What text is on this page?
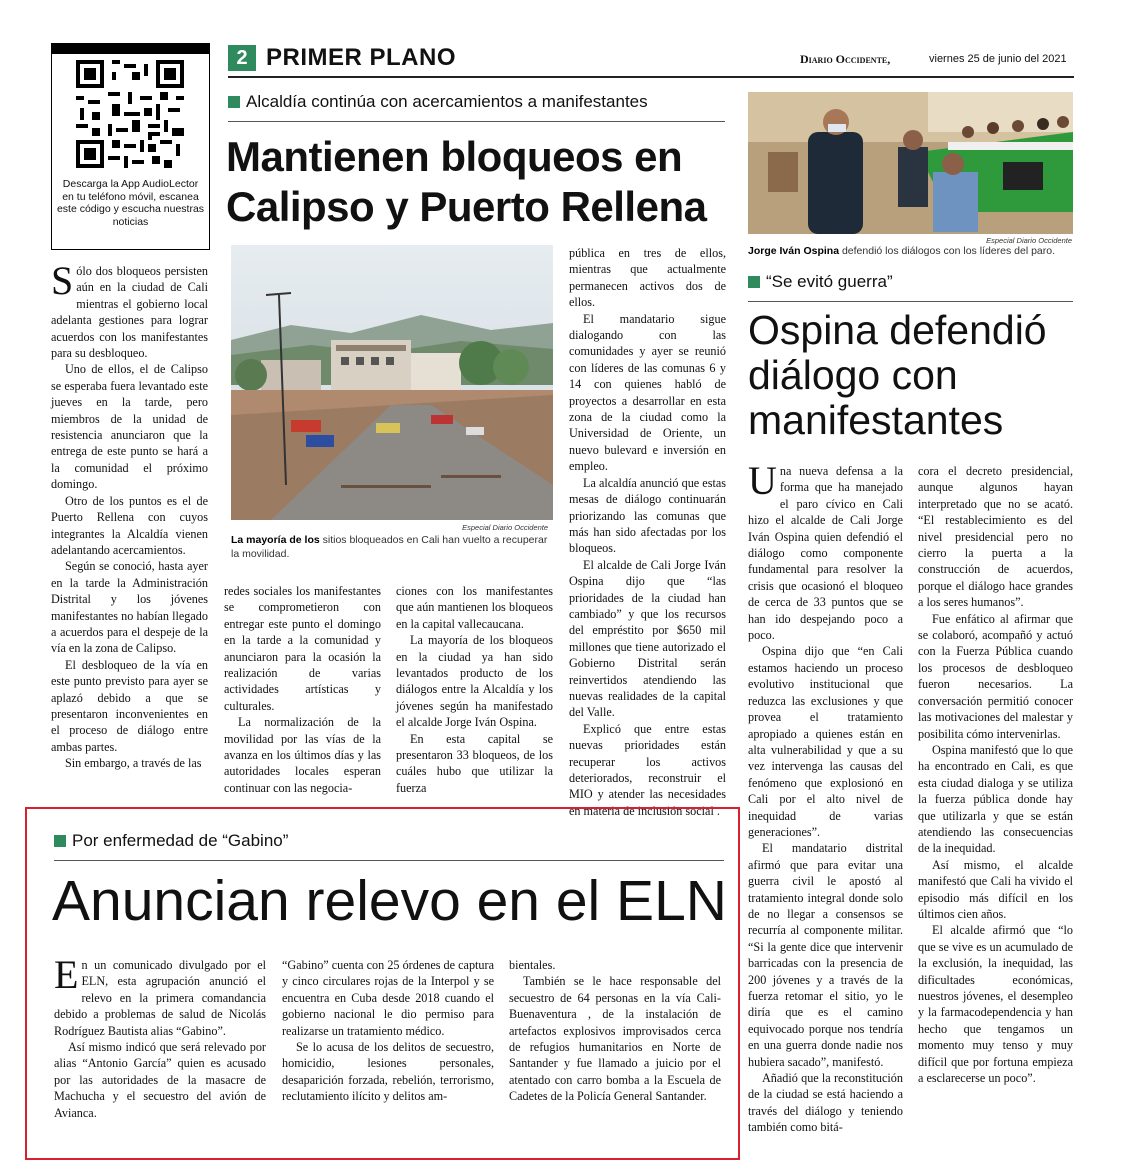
2 PRIMER PLANO	Diario Occidente,	viernes 25 de junio del 2021
Descarga la App AudioLector en tu teléfono móvil, escanea este código y escucha nuestras noticias
Alcaldía continúa con acercamientos a manifestantes
Mantienen bloqueos en Calipso y Puerto Rellena
Especial Diario Occidente
La mayoría de los sitios bloqueados en Cali han vuelto a recuperar la movilidad.

Sólo dos bloqueos persisten aún en la ciudad de Cali mientras el gobierno local adelanta gestiones para lograr acuerdos con los manifestantes para su desbloqueo.

Uno de ellos, el de Calipso se esperaba fuera levantado este jueves en la tarde, pero miembros de la unidad de resistencia anunciaron que la entrega de este punto se hará a la comunidad el próximo domingo.

Otro de los puntos es el de Puerto Rellena con cuyos integrantes la Alcaldía vienen adelantando acercamientos.

Según se conoció, hasta ayer en la tarde la Administración Distrital y los jóvenes manifestantes no habían llegado a acuerdos para el despeje de la vía en la zona de Calipso.

El desbloqueo de la vía en este punto previsto para ayer se aplazó debido a que se presentaron inconvenientes en el proceso de diálogo entre ambas partes.

Sin embargo, a través de las

redes sociales los manifestantes se comprometieron con entregar este punto el domingo en la tarde a la comunidad y anunciaron para la ocasión la realización de varias actividades artísticas y culturales.

La normalización de la movilidad por las vías de la avanza en los últimos días y las autoridades locales esperan continuar con las negocia-

ciones con los manifestantes que aún mantienen los bloqueos en la capital vallecaucana.

La mayoría de los bloqueos en la ciudad ya han sido levantados producto de los diálogos entre la Alcaldía y los jóvenes según ha manifestado el alcalde Jorge Iván Ospina.

En esta capital se presentaron 33 bloqueos, de los cuáles hubo que utilizar la fuerza

pública en tres de ellos, mientras que actualmente permanecen activos dos de ellos.

El mandatario sigue dialogando con las comunidades y ayer se reunió con líderes de las comunas 6 y 14 con quienes habló de proyectos a desarrollar en esta zona de la ciudad como la Universidad de Oriente, un nuevo bulevard e inversión en empleo.

La alcaldía anunció que estas mesas de diálogo continuarán priorizando las comunas que más han sido afectadas por los bloqueos.

El alcalde de Cali Jorge Iván Ospina dijo que “las prioridades de la ciudad han cambiado” y que los recursos del empréstito por $650 mil millones que tiene autorizado el Gobierno Distrital serán reinvertidos atendiendo las nuevas realidades de la capital del Valle.

Explicó que entre estas nuevas prioridades están recuperar los activos deteriorados, reconstruir el MIO y atender las necesidades en materia de inclusión social .

Especial Diario Occidente
Jorge Iván Ospina defendió los diálogos con los líderes del paro.
“Se evitó guerra”
Ospina defendió diálogo con manifestantes

Una nueva defensa a la forma que ha manejado el paro cívico en Cali hizo el alcalde de Cali Jorge Iván Ospina quien defendió el diálogo como componente fundamental para resolver la crisis que ocasionó el bloqueo de cerca de 33 puntos que se han ido despejando poco a poco.

Ospina dijo que “en Cali estamos haciendo un proceso evolutivo institucional que reduzca las exclusiones y que provea el tratamiento apropiado a quienes están en alta vulnerabilidad y que a su vez intervenga las causas del fenómeno que explosionó en Cali por el alto nivel de inequidad de varias generaciones”.

El mandatario distrital afirmó que para evitar una guerra civil le apostó al tratamiento integral donde solo de no llegar a consensos se recurría al componente militar. “Si la gente dice que intervenir barricadas con la presencia de 200 jóvenes y a través de la fuerza retomar el sitio, yo le diría que es el camino equivocado porque nos tendría en una guerra donde nadie nos hubiera sacado”, manifestó.

Añadió que la reconstitución de la ciudad se está haciendo a través del diálogo y teniendo también como bitá-

cora el decreto presidencial, aunque algunos hayan interpretado que no se acató. “El restablecimiento es del nivel presidencial pero no cierro la puerta a la construcción de acuerdos, porque el diálogo hace grandes a los seres humanos”.

Fue enfático al afirmar que se colaboró, acompañó y actuó con la Fuerza Pública cuando los procesos de desbloqueo fueron necesarios. La conversación permitió conocer las motivaciones del malestar y posibilita cómo intervenirlas.

Ospina manifestó que lo que ha encontrado en Cali, es que esta ciudad dialoga y se utiliza la fuerza pública donde hay que utilizarla y que se están atendiendo las consecuencias de la inequidad.

Así mismo, el alcalde manifestó que Cali ha vivido el episodio más difícil en los últimos cien años.

El alcalde afirmó que “lo que se vive es un acumulado de la exclusión, la inequidad, las dificultades económicas, nuestros jóvenes, el desempleo y la farmacodependencia y han hecho que tengamos un momento muy tenso y muy difícil que por fortuna empieza a esclarecerse un poco”.

Por enfermedad de “Gabino”
Anuncian relevo en el ELN

En un comunicado divulgado por el ELN, esta agrupación anunció el relevo en la primera comandancia debido a problemas de salud de Nicolás Rodríguez Bautista alias “Gabino”.

Así mismo indicó que será relevado por alias “Antonio García” quien es acusado por las autoridades de la masacre de Machucha y el secuestro del avión de Avianca.

“Gabino” cuenta con 25 órdenes de captura y cinco circulares rojas de la Interpol y se encuentra en Cuba desde 2018 cuando el gobierno nacional le dio permiso para realizarse un tratamiento médico.

Se lo acusa de los delitos de secuestro, homicidio, lesiones personales, desaparición forzada, rebelión, terrorismo, reclutamiento ilícito y delitos am-

bientales.

También se le hace responsable del secuestro de 64 personas en la vía Cali-Buenaventura , de la instalación de artefactos explosivos improvisados cerca de refugios humanitarios en Norte de Santander y fue llamado a juicio por el atentado con carro bomba a la Escuela de Cadetes de la Policía General Santander.
